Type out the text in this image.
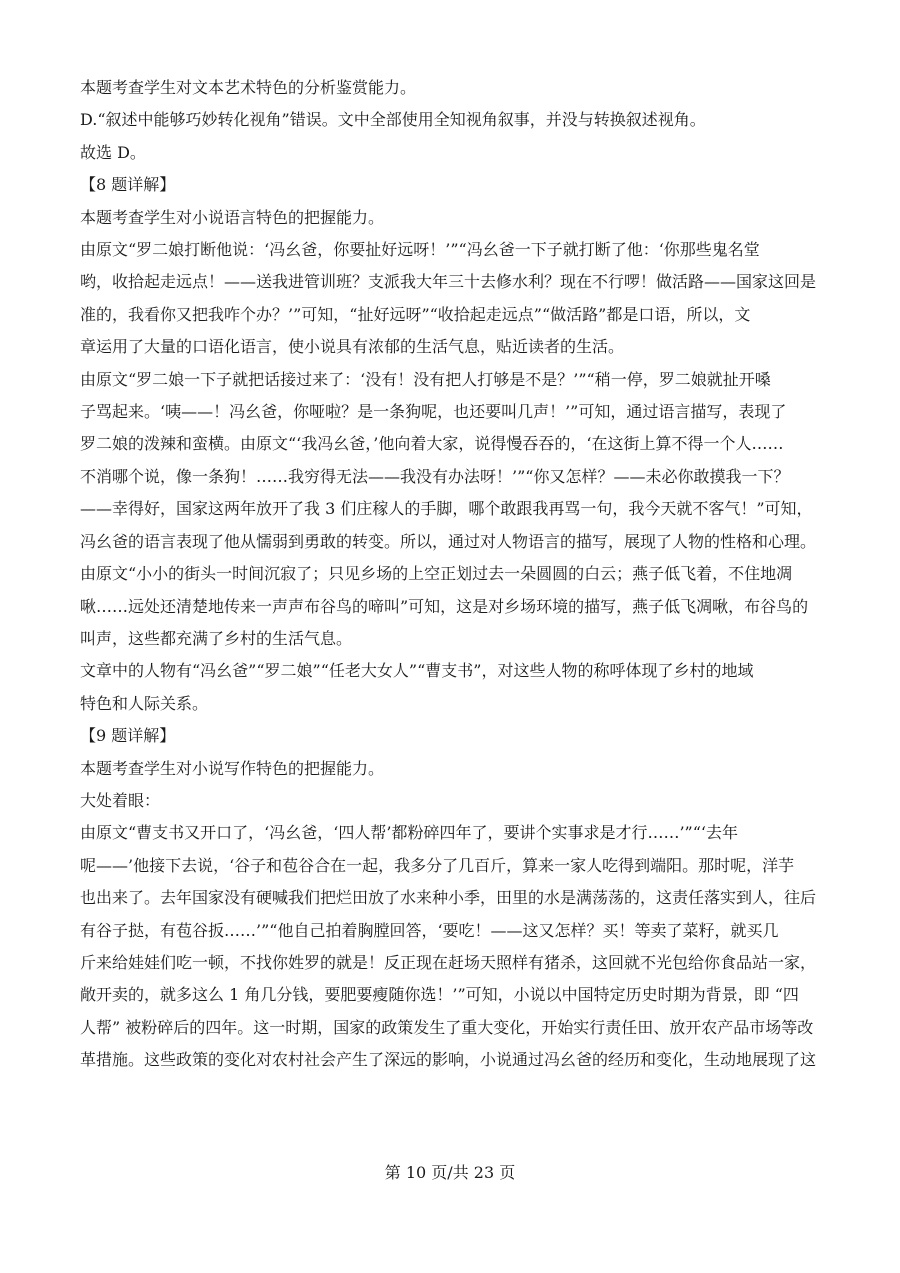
本题考查学生对文本艺术特色的分析鉴赏能力。

D.“叙述中能够巧妙转化视角”错误。文中全部使用全知视角叙事，并没与转换叙述视角。

故选 D。

【8 题详解】

本题考查学生对小说语言特色的把握能力。

由原文“罗二娘打断他说：‘冯幺爸，你要扯好远呀！’”“冯幺爸一下子就打断了他：‘你那些鬼名堂

哟，收拾起走远点！——送我进管训班？支派我大年三十去修水利？现在不行啰！做活路——国家这回是

准的，我看你又把我咋个办？’”可知，“扯好远呀”“收拾起走远点”“做活路”都是口语，所以，文

章运用了大量的口语化语言，使小说具有浓郁的生活气息，贴近读者的生活。

由原文“罗二娘一下子就把话接过来了：‘没有！没有把人打够是不是？’”“稍一停，罗二娘就扯开嗓

子骂起来。‘咦——！冯幺爸，你哑啦？是一条狗呢，也还要叫几声！’”可知，通过语言描写，表现了

罗二娘的泼辣和蛮横。由原文“‘我冯幺爸，’他向着大家，说得慢吞吞的，‘在这街上算不得一个人……

不消哪个说，像一条狗！……我穷得无法——我没有办法呀！’”“你又怎样？——未必你敢摸我一下？

——幸得好，国家这两年放开了我 3 们庄稼人的手脚，哪个敢跟我再骂一句，我今天就不客气！”可知，

冯幺爸的语言表现了他从懦弱到勇敢的转变。所以，通过对人物语言的描写，展现了人物的性格和心理。

由原文“小小的街头一时间沉寂了；只见乡场的上空正划过去一朵圆圆的白云；燕子低飞着，不住地凋

啾……远处还清楚地传来一声声布谷鸟的啼叫”可知，这是对乡场环境的描写，燕子低飞凋啾，布谷鸟的

叫声，这些都充满了乡村的生活气息。

文章中的人物有“冯幺爸”“罗二娘”“任老大女人”“曹支书”，对这些人物的称呼体现了乡村的地域

特色和人际关系。

【9 题详解】

本题考查学生对小说写作特色的把握能力。

大处着眼：

由原文“曹支书又开口了，‘冯幺爸，‘四人帮’都粉碎四年了，要讲个实事求是才行……’”“‘去年

呢——’他接下去说，‘谷子和苞谷合在一起，我多分了几百斤，算来一家人吃得到端阳。那时呢，洋芋

也出来了。去年国家没有硬喊我们把烂田放了水来种小季，田里的水是满荡荡的，这责任落实到人，往后

有谷子挞，有苞谷扳……’”“他自己拍着胸膛回答，‘要吃！——这又怎样？买！等卖了菜籽，就买几

斤来给娃娃们吃一顿，不找你姓罗的就是！反正现在赶场天照样有猪杀，这回就不光包给你食品站一家，

敞开卖的，就多这么 1 角几分钱，要肥要瘦随你选！’”可知，小说以中国特定历史时期为背景，即 “四

人帮” 被粉碎后的四年。这一时期，国家的政策发生了重大变化，开始实行责任田、放开农产品市场等改

革措施。这些政策的变化对农村社会产生了深远的影响，小说通过冯幺爸的经历和变化，生动地展现了这

第 10 页/共 23 页
